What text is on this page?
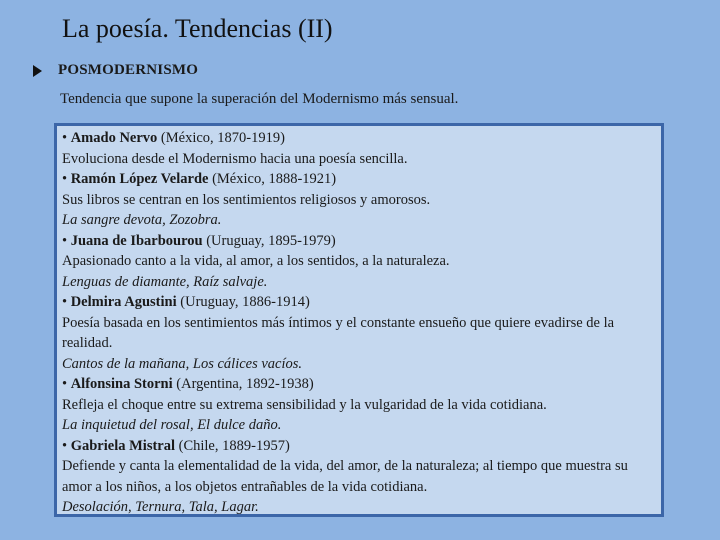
La poesía. Tendencias (II)
POSMODERNISMO
Tendencia que supone la superación del Modernismo más sensual.

• Amado Nervo (México, 1870-1919)

Evoluciona desde el Modernismo hacia una poesía sencilla.

• Ramón López Velarde (México, 1888-1921)

Sus libros se centran en los sentimientos religiosos y amorosos.

La sangre devota, Zozobra.

• Juana de Ibarbourou (Uruguay, 1895-1979)

Apasionado canto a la vida, al amor, a los sentidos, a la naturaleza.

Lenguas de diamante, Raíz salvaje.

• Delmira Agustini (Uruguay, 1886-1914)

Poesía basada en los sentimientos más íntimos y el constante ensueño que quiere evadirse de la realidad.

Cantos de la mañana, Los cálices vacíos.

• Alfonsina Storni (Argentina, 1892-1938)

Refleja el choque entre su extrema sensibilidad y la vulgaridad de la vida cotidiana.

La inquietud del rosal, El dulce daño.

• Gabriela Mistral (Chile, 1889-1957)

Defiende y canta la elementalidad de la vida, del amor, de la naturaleza; al tiempo que muestra su amor a los niños, a los objetos entrañables de la vida cotidiana.

Desolación, Ternura, Tala, Lagar.
